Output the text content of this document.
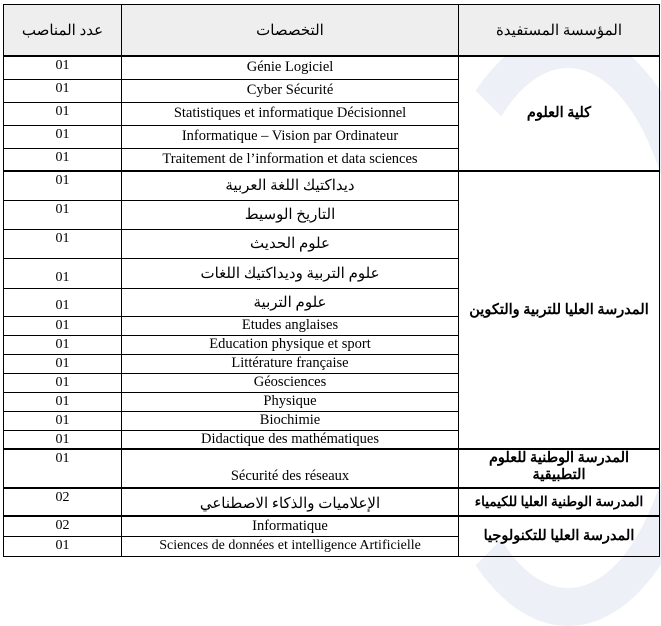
عدد المناصب	التخصصات	المؤسسة المستفيدة
01	Génie Logiciel	كلية العلوم
01	Cyber Sécurité	
01	Statistiques et informatique Décisionnel	
01	Informatique – Vision par Ordinateur	
01	Traitement de l’information et data sciences	
01	ديداكتيك اللغة العربية	المدرسة العليا للتربية والتكوين
01	التاريخ الوسيط	
01	علوم الحديث	
01	علوم التربية وديداكتيك اللغات	
01	علوم التربية	
01	Etudes anglaises	
01	Education physique et sport	
01	Littérature française	
01	Géosciences	
01	Physique	
01	Biochimie	
01	Didactique des mathématiques	
01	Sécurité des réseaux	المدرسة الوطنية للعلوم التطبيقية
02	الإعلاميات والذكاء الاصطناعي	المدرسة الوطنية العليا للكيمياء
02	Informatique	المدرسة العليا للتكنولوجيا
01	Sciences de données et intelligence Artificielle	
